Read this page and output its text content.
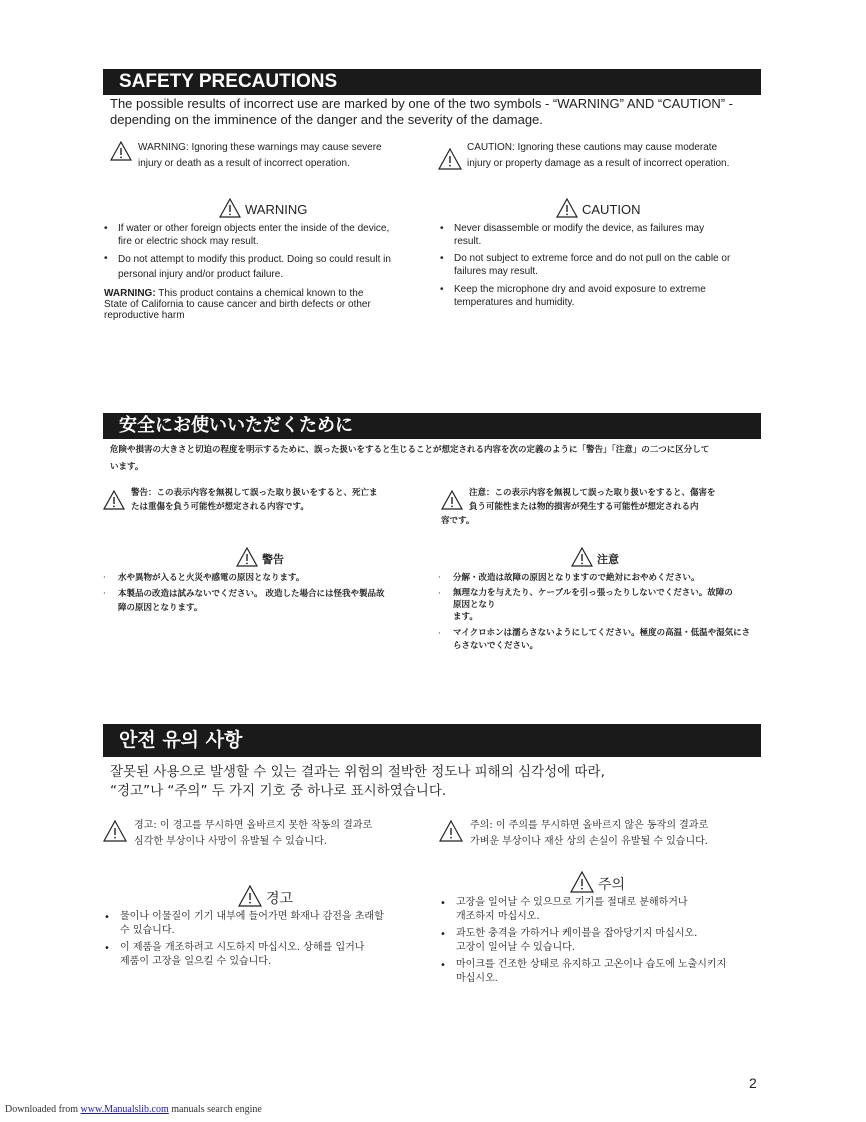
SAFETY PRECAUTIONS
The possible results of incorrect use are marked by one of the two symbols - “WARNING” AND “CAUTION” -
depending on the imminence of the danger and the severity of the damage.
WARNING: Ignoring these warnings may cause severe
injury or death as a result of incorrect operation.
CAUTION: Ignoring these cautions may cause moderate
injury or property damage as a result of incorrect operation.
WARNING	CAUTION
• If water or other foreign objects enter the inside of the device,
fire or electric shock may result.
• Do not attempt to modify this product. Doing so could result in
personal injury and/or product failure.
WARNING: This product contains a chemical known to the
State of California to cause cancer and birth defects or other
reproductive harm
• Never disassemble or modify the device, as failures may
result.
• Do not subject to extreme force and do not pull on the cable or
failures may result.
• Keep the microphone dry and avoid exposure to extreme
temperatures and humidity.
安全にお使いいただくために
危険や損害の大きさと切迫の程度を明示するために、誤った扱いをすると生じることが想定される内容を次の定義のように「警告」「注意」の二つに区分して
います。
警告：この表示内容を無視して誤った取り扱いをすると、死亡ま
たは重傷を負う可能性が想定される内容です。
注意：この表示内容を無視して誤った取り扱いをすると、傷害を
負う可能性または物的損害が発生する可能性が想定される内
容です。
警告	注意
· 水や異物が入ると火災や感電の原因となります。
· 本製品の改造は試みないでください。 改造した場合には怪我や製品故
障の原因となります。
· 分解・改造は故障の原因となりますので絶対におやめください。
· 無理な力を与えたり、ケーブルを引っ張ったりしないでください。故障の
原因となり
ます。
· マイクロホンは濡らさないようにしてください。極度の高温・低温や湿気にさ
らさないでください。
안전 유의 사항
잘못된 사용으로 발생할 수 있는 결과는 위험의 절박한 정도나 피해의 심각성에 따라,
“경고”나 “주의” 두 가지 기호 중 하나로 표시하였습니다.
경고: 이 경고를 무시하면 올바르지 못한 작동의 결과로
심각한 부상이나 사망이 유발될 수 있습니다.
주의: 이 주의를 무시하면 올바르지 않은 동작의 결과로
가벼운 부상이나 재산 상의 손실이 유발될 수 있습니다.
경고
주의
• 물이나 이물질이 기기 내부에 들어가면 화재나 감전을 초래할
수 있습니다.
• 이 제품을 개조하려고 시도하지 마십시오. 상해를 입거나
제품이 고장을 일으킬 수 있습니다.
• 고장을 일어날 수 있으므로 기기를 절대로 분해하거나
개조하지 마십시오.
• 과도한 충격을 가하거나 케이블을 잡아당기지 마십시오.
고장이 일어날 수 있습니다.
• 마이크를 건조한 상태로 유지하고 고온이나 습도에 노출시키지
마십시오.
2
Downloaded from www.Manualslib.com manuals search engine
